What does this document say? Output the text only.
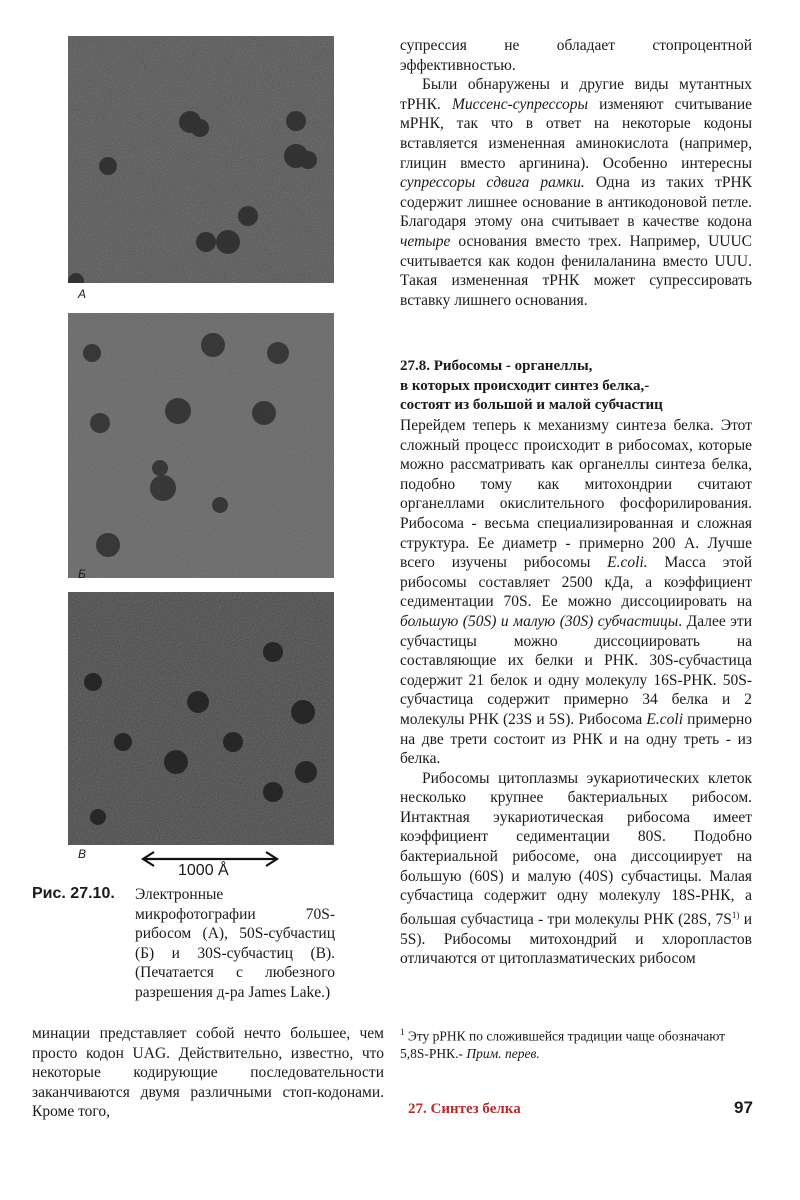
А
Б
В
1000 Å
Рис. 27.10. Электронные микрофотографии 70S-рибосом (А), 50S-субчастиц (Б) и 30S-субчастиц (В). (Печатается с любезного разрешения д-ра James Lake.)

минации представляет собой нечто большее, чем просто кодон UAG. Действительно, известно, что некоторые кодирующие последовательности заканчиваются двумя различными стоп-кодонами. Кроме того,

супрессия не обладает стопроцентной эффективностью.

Были обнаружены и другие виды мутантных тРНК. Миссенс-супрессоры изменяют считывание мРНК, так что в ответ на некоторые кодоны вставляется измененная аминокислота (например, глицин вместо аргинина). Особенно интересны супрессоры сдвига рамки. Одна из таких тРНК содержит лишнее основание в антикодоновой петле. Благодаря этому она считывает в качестве кодона четыре основания вместо трех. Например, UUUC считывается как кодон фенилаланина вместо UUU. Такая измененная тРНК может супрессировать вставку лишнего основания.

27.8. Рибосомы - органеллы,
в которых происходит синтез белка,-
состоят из большой и малой субчастиц

Перейдем теперь к механизму синтеза белка. Этот сложный процесс происходит в рибосомах, которые можно рассматривать как органеллы синтеза белка, подобно тому как митохондрии считают органеллами окислительного фосфорилирования. Рибосома - весьма специализированная и сложная структура. Ее диаметр - примерно 200 А. Лучше всего изучены рибосомы E.coli. Масса этой рибосомы составляет 2500 кДа, а коэффициент седиментации 70S. Ее можно диссоциировать на большую (50S) и малую (30S) субчастицы. Далее эти субчастицы можно диссоциировать на составляющие их белки и РНК. 30S-субчастица содержит 21 белок и одну молекулу 16S-РНК. 50S-субчастица содержит примерно 34 белка и 2 молекулы РНК (23S и 5S). Рибосома E.coli примерно на две трети состоит из РНК и на одну треть - из белка.

Рибосомы цитоплазмы эукариотических клеток несколько крупнее бактериальных рибосом. Интактная эукариотическая рибосома имеет коэффициент седиментации 80S. Подобно бактериальной рибосоме, она диссоциирует на большую (60S) и малую (40S) субчастицы. Малая субчастица содержит одну молекулу 18S-РНК, а большая субчастица - три молекулы РНК (28S, $7S^{1)}$ и 5S). Рибосомы митохондрий и хлоропластов отличаются от цитоплазматических рибосом

$^1$ Эту рРНК по сложившейся традиции чаще обозначают 5,8S-РНК.- Прим. перев.
27. Синтез белка	97
